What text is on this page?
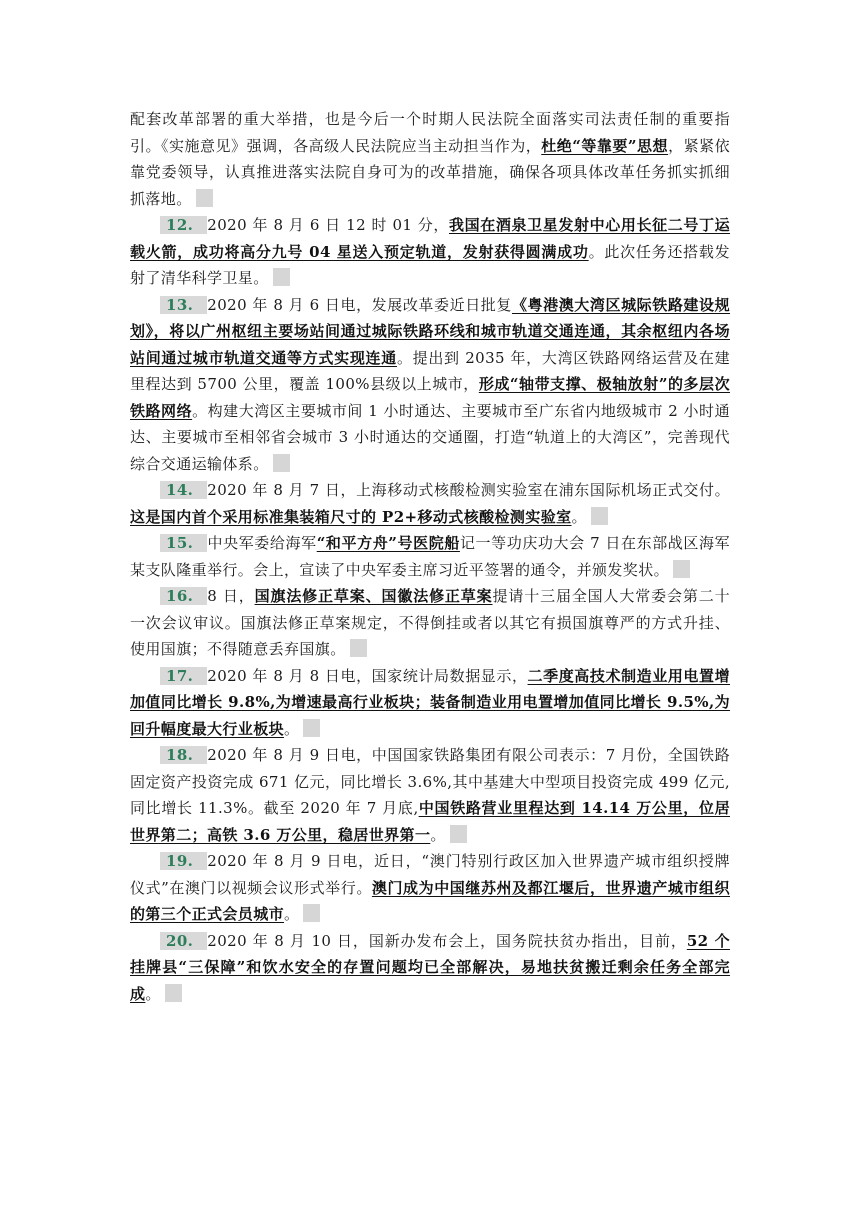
配套改革部署的重大举措，也是今后一个时期人民法院全面落实司法责任制的重要指引。《实施意见》强调，各高级人民法院应当主动担当作为，杜绝“等靠要”思想，紧紧依靠党委领导，认真推进落实法院自身可为的改革措施，确保各项具体改革任务抓实抓细抓落地。

12. 2020 年 8 月 6 日 12 时 01 分，我国在酒泉卫星发射中心用长征二号丁运载火箭，成功将高分九号 04 星送入预定轨道，发射获得圆满成功。此次任务还搭载发射了清华科学卫星。

13. 2020 年 8 月 6 日电，发展改革委近日批复《粤港澳大湾区城际铁路建设规划》，将以广州枢纽主要场站间通过城际铁路环线和城市轨道交通连通，其余枢纽内各场站间通过城市轨道交通等方式实现连通。提出到 2035 年，大湾区铁路网络运营及在建里程达到 5700 公里，覆盖 100%县级以上城市，形成“轴带支撑、极轴放射”的多层次铁路网络。构建大湾区主要城市间 1 小时通达、主要城市至广东省内地级城市 2 小时通达、主要城市至相邻省会城市 3 小时通达的交通圈，打造“轨道上的大湾区”，完善现代综合交通运输体系。

14. 2020 年 8 月 7 日，上海移动式核酸检测实验室在浦东国际机场正式交付。这是国内首个采用标准集装箱尺寸的 P2+移动式核酸检测实验室。

15. 中央军委给海军“和平方舟”号医院船记一等功庆功大会 7 日在东部战区海军某支队隆重举行。会上，宣读了中央军委主席习近平签署的通令，并颁发奖状。

16. 8 日，国旗法修正草案、国徽法修正草案提请十三届全国人大常委会第二十一次会议审议。国旗法修正草案规定，不得倒挂或者以其它有损国旗尊严的方式升挂、使用国旗；不得随意丢弃国旗。

17. 2020 年 8 月 8 日电，国家统计局数据显示，二季度高技术制造业用电置增加值同比增长 9.8%,为增速最高行业板块；装备制造业用电置增加值同比增长 9.5%,为回升幅度最大行业板块。

18. 2020 年 8 月 9 日电，中国国家铁路集团有限公司表示：7 月份，全国铁路固定资产投资完成 671 亿元，同比增长 3.6%,其中基建大中型项目投资完成 499 亿元,同比增长 11.3%。截至 2020 年 7 月底,中国铁路营业里程达到 14.14 万公里，位居世界第二；高铁 3.6 万公里，稳居世界第一。

19. 2020 年 8 月 9 日电，近日，“澳门特别行政区加入世界遗产城市组织授牌仪式”在澳门以视频会议形式举行。澳门成为中国继苏州及都江堰后，世界遗产城市组织的第三个正式会员城市。

20. 2020 年 8 月 10 日，国新办发布会上，国务院扶贫办指出，目前，52 个挂牌县“三保障”和饮水安全的存置问题均已全部解决，易地扶贫搬迁剩余任务全部完成。
